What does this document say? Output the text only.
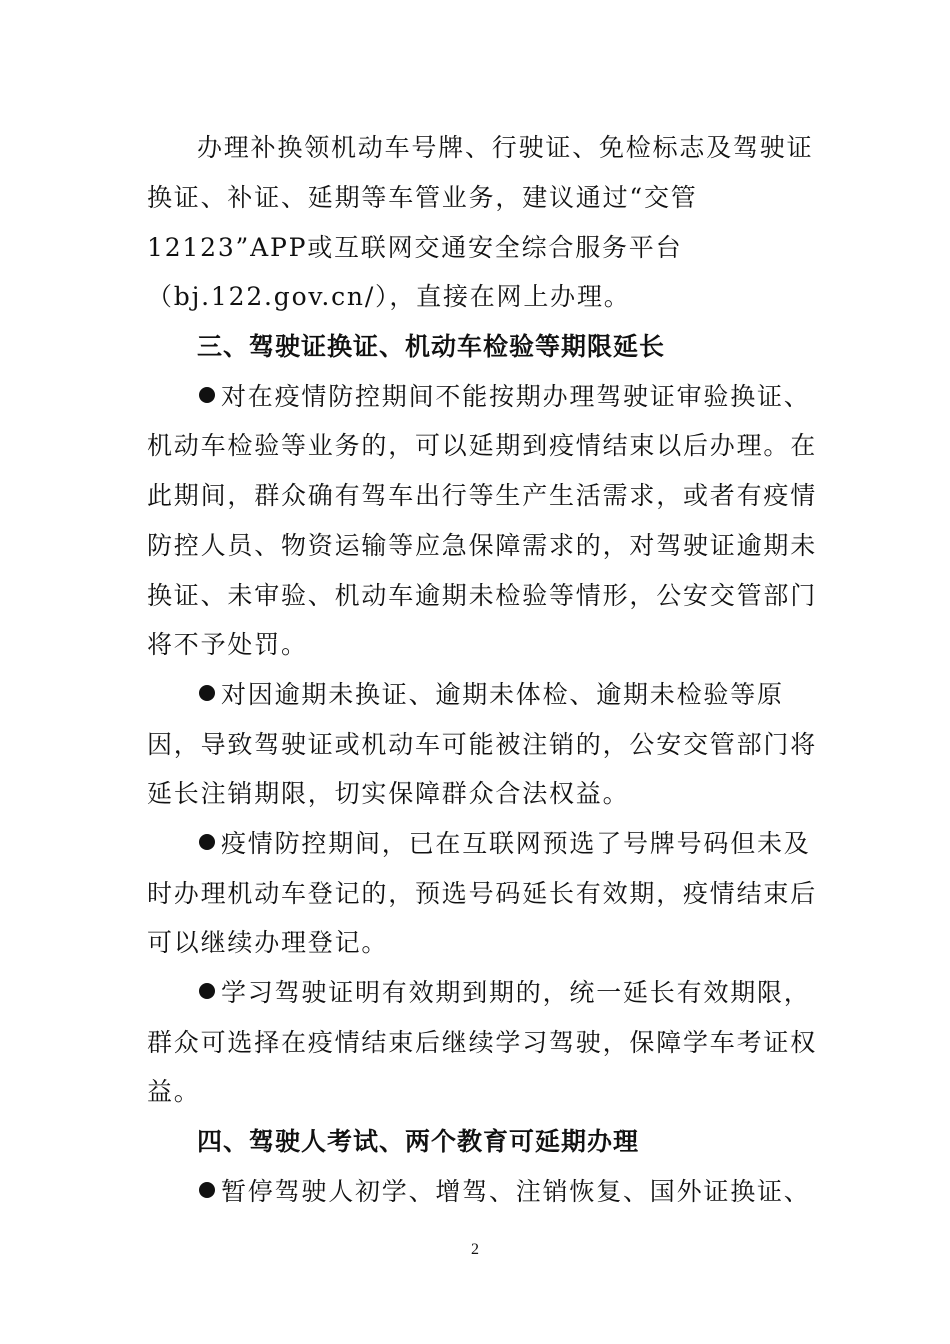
办理补换领机动车号牌、行驶证、免检标志及驾驶证
换证、补证、延期等车管业务，建议通过“交管
12123”APP或互联网交通安全综合服务平台
（bj.122.gov.cn/），直接在网上办理。
三、驾驶证换证、机动车检验等期限延长
对在疫情防控期间不能按期办理驾驶证审验换证、
机动车检验等业务的，可以延期到疫情结束以后办理。在
此期间，群众确有驾车出行等生产生活需求，或者有疫情
防控人员、物资运输等应急保障需求的，对驾驶证逾期未
换证、未审验、机动车逾期未检验等情形，公安交管部门
将不予处罚。
对因逾期未换证、逾期未体检、逾期未检验等原
因，导致驾驶证或机动车可能被注销的，公安交管部门将
延长注销期限，切实保障群众合法权益。
疫情防控期间，已在互联网预选了号牌号码但未及
时办理机动车登记的，预选号码延长有效期，疫情结束后
可以继续办理登记。
学习驾驶证明有效期到期的，统一延长有效期限，
群众可选择在疫情结束后继续学习驾驶，保障学车考证权
益。
四、驾驶人考试、两个教育可延期办理
暂停驾驶人初学、增驾、注销恢复、国外证换证、
2
